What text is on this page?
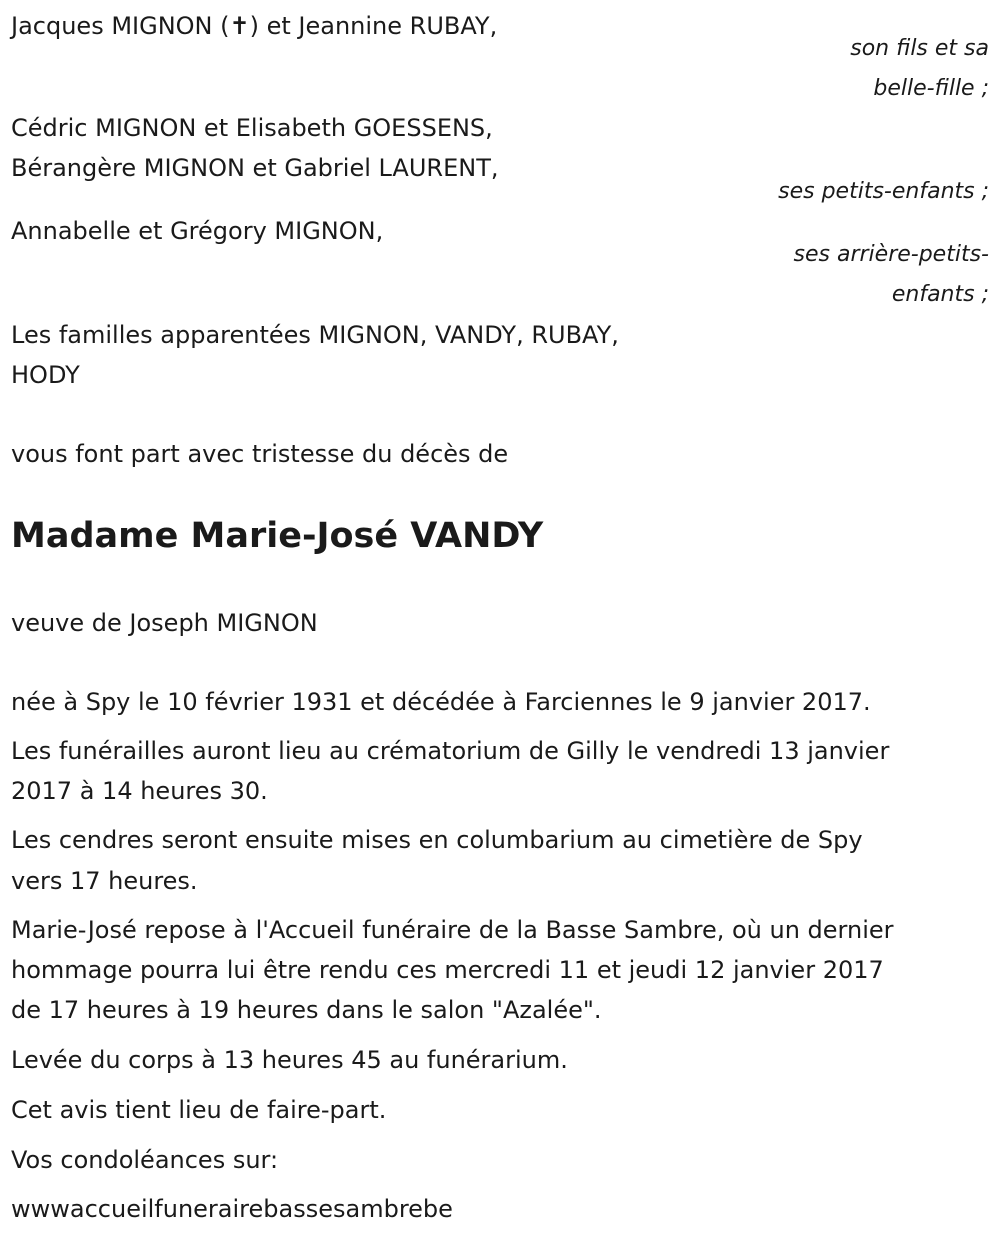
Jacques MIGNON (✝) et Jeannine RUBAY,

son fils et sa

belle-fille ;

Cédric MIGNON et Elisabeth GOESSENS,

Bérangère MIGNON et Gabriel LAURENT,

ses petits-enfants ;

Annabelle et Grégory MIGNON,

ses arrière-petits-

enfants ;

Les familles apparentées MIGNON, VANDY, RUBAY,

HODY

vous font part avec tristesse du décès de

Madame Marie-José VANDY

veuve de Joseph MIGNON

née à Spy le 10 février 1931 et décédée à Farciennes le 9 janvier 2017.

Les funérailles auront lieu au crématorium de Gilly le vendredi 13 janvier

2017 à 14 heures 30.

Les cendres seront ensuite mises en columbarium au cimetière de Spy

vers 17 heures.

Marie-José repose à l'Accueil funéraire de la Basse Sambre, où un dernier

hommage pourra lui être rendu ces mercredi 11 et jeudi 12 janvier 2017

de 17 heures à 19 heures dans le salon "Azalée".

Levée du corps à 13 heures 45 au funérarium.

Cet avis tient lieu de faire-part.

Vos condoléances sur:

wwwaccueilfunerairebassesambrebe
